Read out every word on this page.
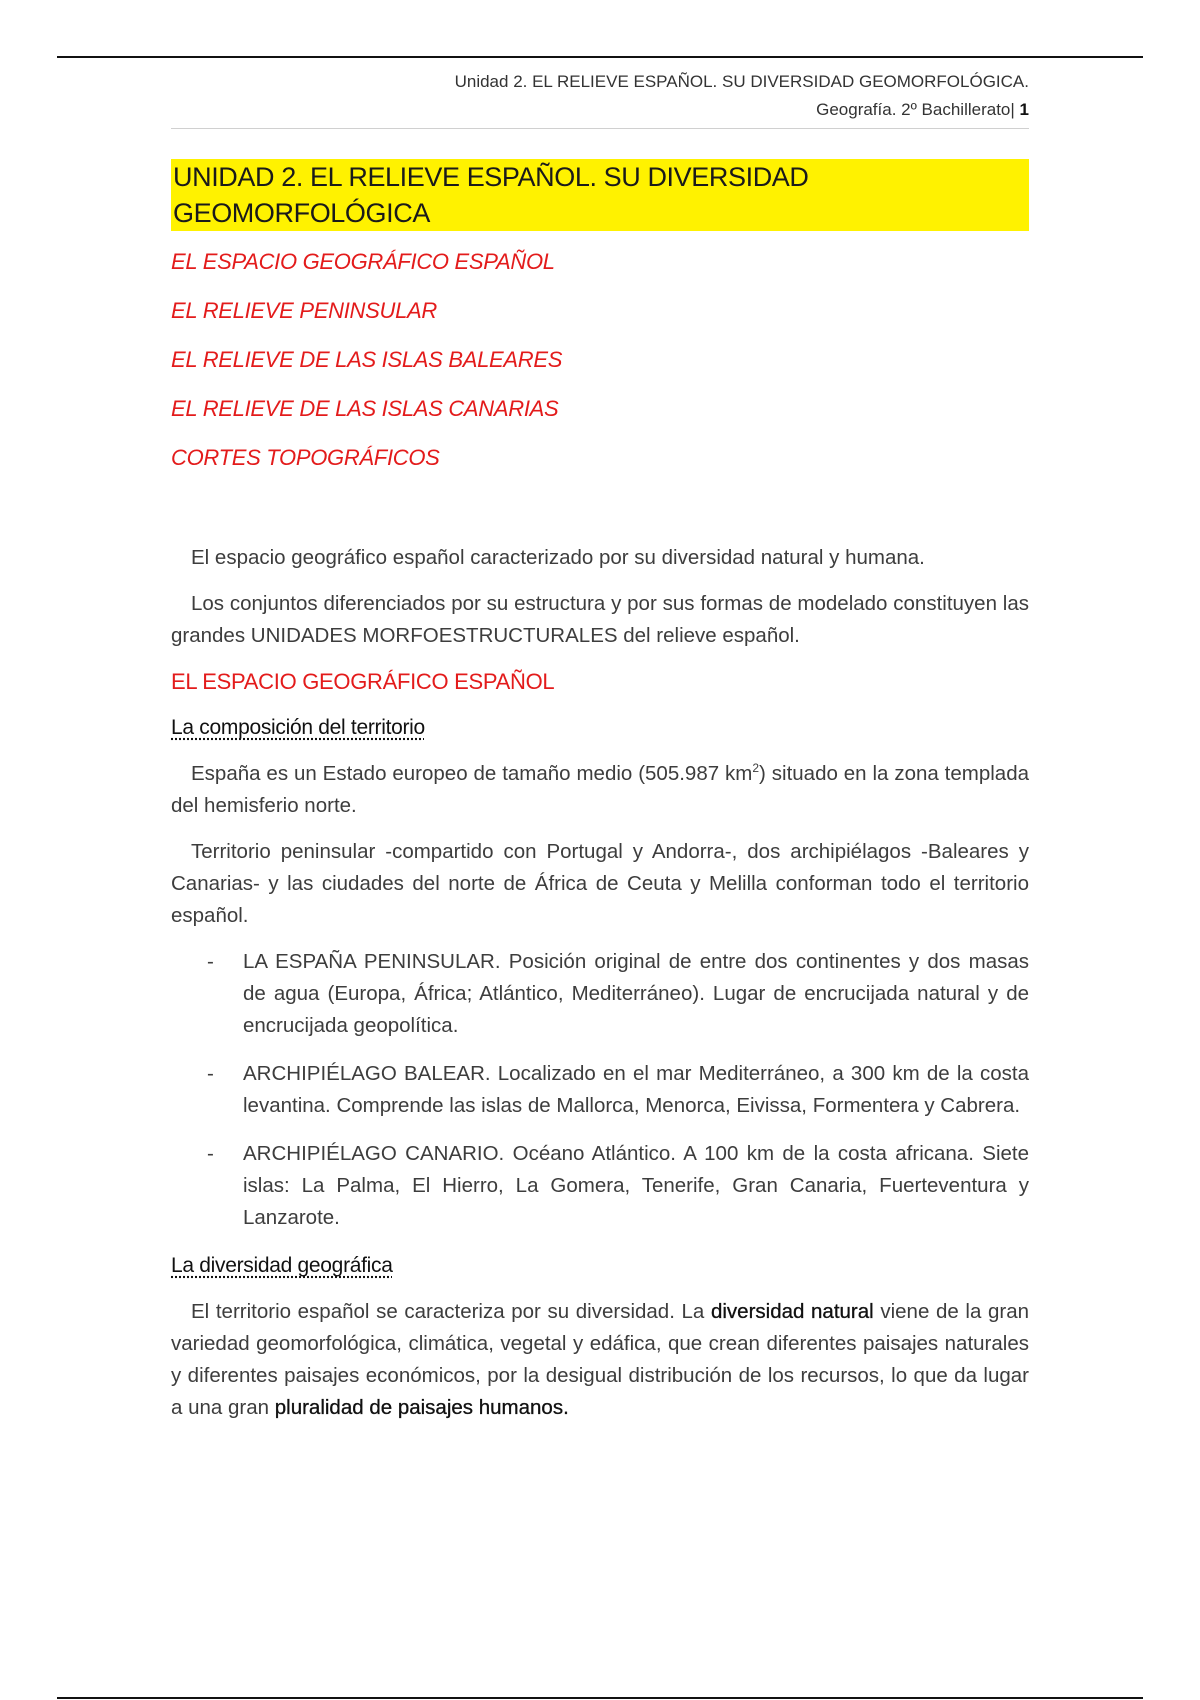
Unidad 2. EL RELIEVE ESPAÑOL. SU DIVERSIDAD GEOMORFOLÓGICA.
Geografía. 2º Bachillerato| 1
UNIDAD 2. EL RELIEVE ESPAÑOL. SU DIVERSIDAD GEOMORFOLÓGICA
EL ESPACIO GEOGRÁFICO ESPAÑOL
EL RELIEVE PENINSULAR
EL RELIEVE DE LAS ISLAS BALEARES
EL RELIEVE DE LAS ISLAS CANARIAS
CORTES TOPOGRÁFICOS

El espacio geográfico español caracterizado por su diversidad natural y humana.

Los conjuntos diferenciados por su estructura y por sus formas de modelado constituyen las grandes UNIDADES MORFOESTRUCTURALES del relieve español.

EL ESPACIO GEOGRÁFICO ESPAÑOL
La composición del territorio

España es un Estado europeo de tamaño medio (505.987 $km^2$) situado en la zona templada del hemisferio norte.

Territorio peninsular -compartido con Portugal y Andorra-, dos archipiélagos -Baleares y Canarias- y las ciudades del norte de África de Ceuta y Melilla conforman todo el territorio español.

- LA ESPAÑA PENINSULAR. Posición original de entre dos continentes y dos masas de agua (Europa, África; Atlántico, Mediterráneo). Lugar de encrucijada natural y de encrucijada geopolítica.
- ARCHIPIÉLAGO BALEAR. Localizado en el mar Mediterráneo, a 300 km de la costa levantina. Comprende las islas de Mallorca, Menorca, Eivissa, Formentera y Cabrera.
- ARCHIPIÉLAGO CANARIO. Océano Atlántico. A 100 km de la costa africana. Siete islas: La Palma, El Hierro, La Gomera, Tenerife, Gran Canaria, Fuerteventura y Lanzarote.
La diversidad geográfica

El territorio español se caracteriza por su diversidad. La diversidad natural viene de la gran variedad geomorfológica, climática, vegetal y edáfica, que crean diferentes paisajes naturales y diferentes paisajes económicos, por la desigual distribución de los recursos, lo que da lugar a una gran pluralidad de paisajes humanos.
